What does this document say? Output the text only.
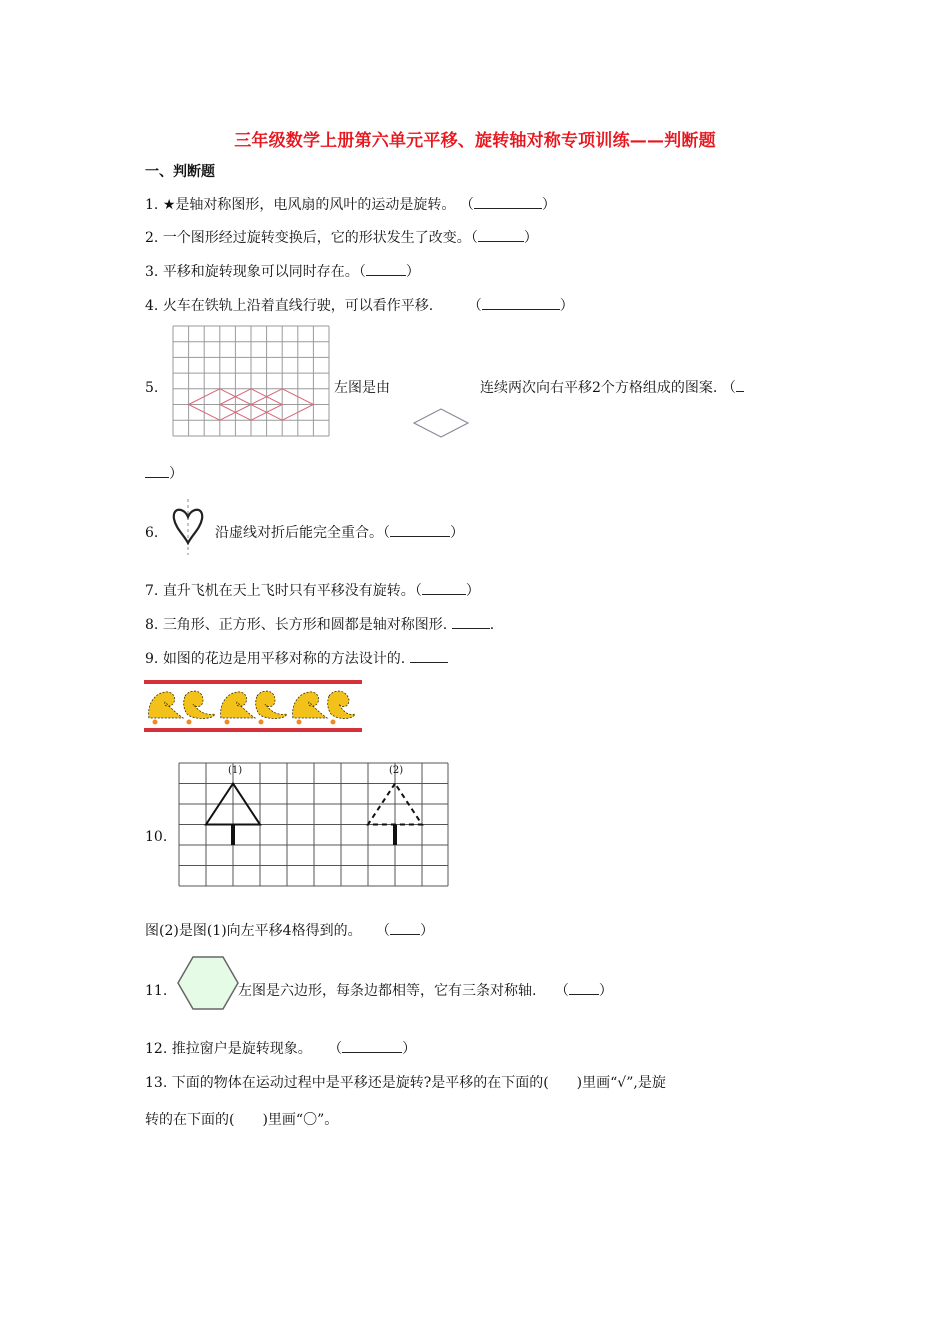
三年级数学上册第六单元平移、旋转轴对称专项训练——判断题
一、判断题
1. ★是轴对称图形，电风扇的风叶的运动是旋转。 （	）
2. 一个图形经过旋转变换后，它的形状发生了改变。（	）
3. 平移和旋转现象可以同时存在。（	）
4. 火车在铁轨上沿着直线行驶，可以看作平移. （	）
5.	左图是由	连续两次向右平移2个方格组成的图案. （
）
6.	沿虚线对折后能完全重合。（	）
7. 直升飞机在天上飞时只有平移没有旋转。（	）
8. 三角形、正方形、长方形和圆都是轴对称图形.	.
9. 如图的花边是用平移对称的方法设计的.
10.
(1)	(2)
图(2)是图(1)向左平移4格得到的。 （ ）
11.	左图是六边形，每条边都相等，它有三条对称轴. （ ）
12. 推拉窗户是旋转现象。 （	）
13. 下面的物体在运动过程中是平移还是旋转?是平移的在下面的(　　)里画“√”,是旋
转的在下面的(　　)里画“〇”。
